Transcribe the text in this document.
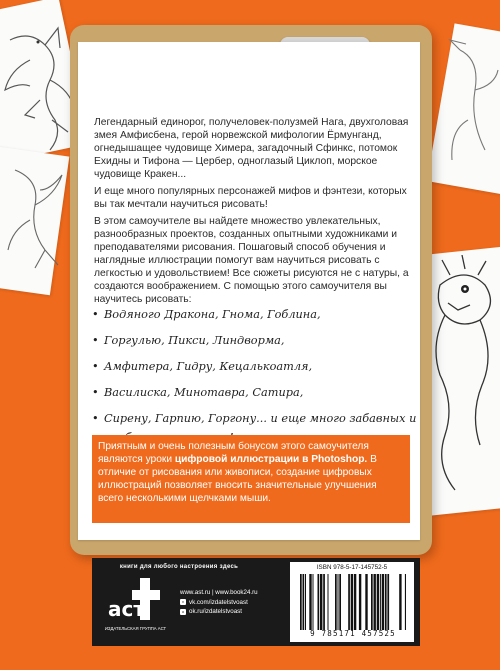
Легендарный единорог, получеловек-полузмей Нага, двухголовая змея Амфисбена, герой норвежской мифологии Ёрмунганд, огнедышащее чудовище Химера, загадочный Сфинкс, потомок Ехидны и Тифона — Цербер, одноглазый Циклоп, морское чудовище Кракен...

И еще много популярных персонажей мифов и фэнтези, которых вы так мечтали научиться рисовать!

В этом самоучителе вы найдете множество увлекательных, разнообразных проектов, созданных опытными художниками и преподавателями рисования. Пошаговый способ обучения и наглядные иллюстрации помогут вам научиться рисовать с легкостью и удовольствием! Все сюжеты рисуются не с натуры, а создаются воображением. С помощью этого самоучителя вы научитесь рисовать:

• Водяного Дракона, Гнома, Гоблина,
• Горгулью, Пикси, Линдворма,
• Амфитера, Гидру, Кецалькоатля,
• Василиска, Минотавра, Сатира,
• Сирену, Гарпию, Горгону... и еще много забавных и
Приятным и очень полезным бонусом этого самоучителя являются уроки цифровой иллюстрации в Photoshop. В отличие от рисования или живописи, создание цифровых иллюстраций позволяет вносить значительные улучшения всего несколькими щелчками мыши.
книги для любого настроения здесь
аст
ИЗДАТЕЛЬСКАЯ ГРУППА АСТ
www.ast.ru | www.book24.ru
v vk.com/izdatelstvoast
o ok.ru/izdatelstvoast
ISBN 978-5-17-145752-5
9 785171 457525
